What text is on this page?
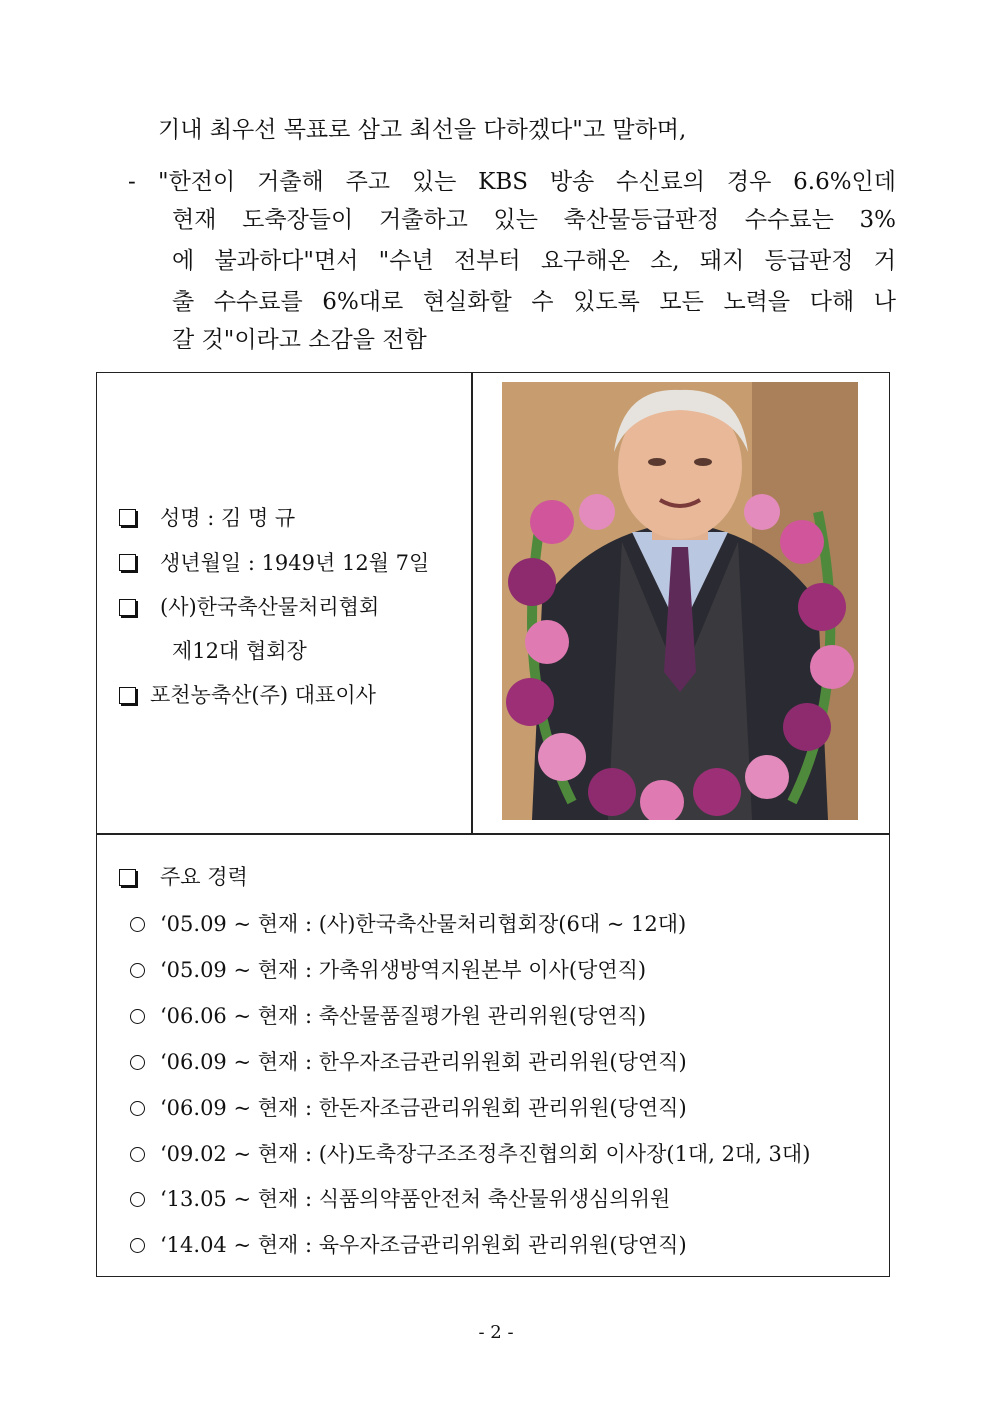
기내 최우선 목표로 삼고 최선을 다하겠다"고 말하며,
- "한전이 거출해 주고 있는 KBS 방송 수신료의 경우 6.6%인데
현재 도축장들이 거출하고 있는 축산물등급판정 수수료는 3%
에 불과하다"면서 "수년 전부터 요구해온 소, 돼지 등급판정 거
출 수수료를 6%대로 현실화할 수 있도록 모든 노력을 다해 나
갈 것"이라고 소감을 전함
성명 : 김 명 규
생년월일 : 1949년 12월 7일
(사)한국축산물처리협회
제12대 협회장
포천농축산(주) 대표이사
주요 경력
‘05.09 ~ 현재 : (사)한국축산물처리협회장(6대 ~ 12대)
‘05.09 ~ 현재 : 가축위생방역지원본부 이사(당연직)
‘06.06 ~ 현재 : 축산물품질평가원 관리위원(당연직)
‘06.09 ~ 현재 : 한우자조금관리위원회 관리위원(당연직)
‘06.09 ~ 현재 : 한돈자조금관리위원회 관리위원(당연직)
‘09.02 ~ 현재 : (사)도축장구조조정추진협의회 이사장(1대, 2대, 3대)
‘13.05 ~ 현재 : 식품의약품안전처 축산물위생심의위원
‘14.04 ~ 현재 : 육우자조금관리위원회 관리위원(당연직)
- 2 -
